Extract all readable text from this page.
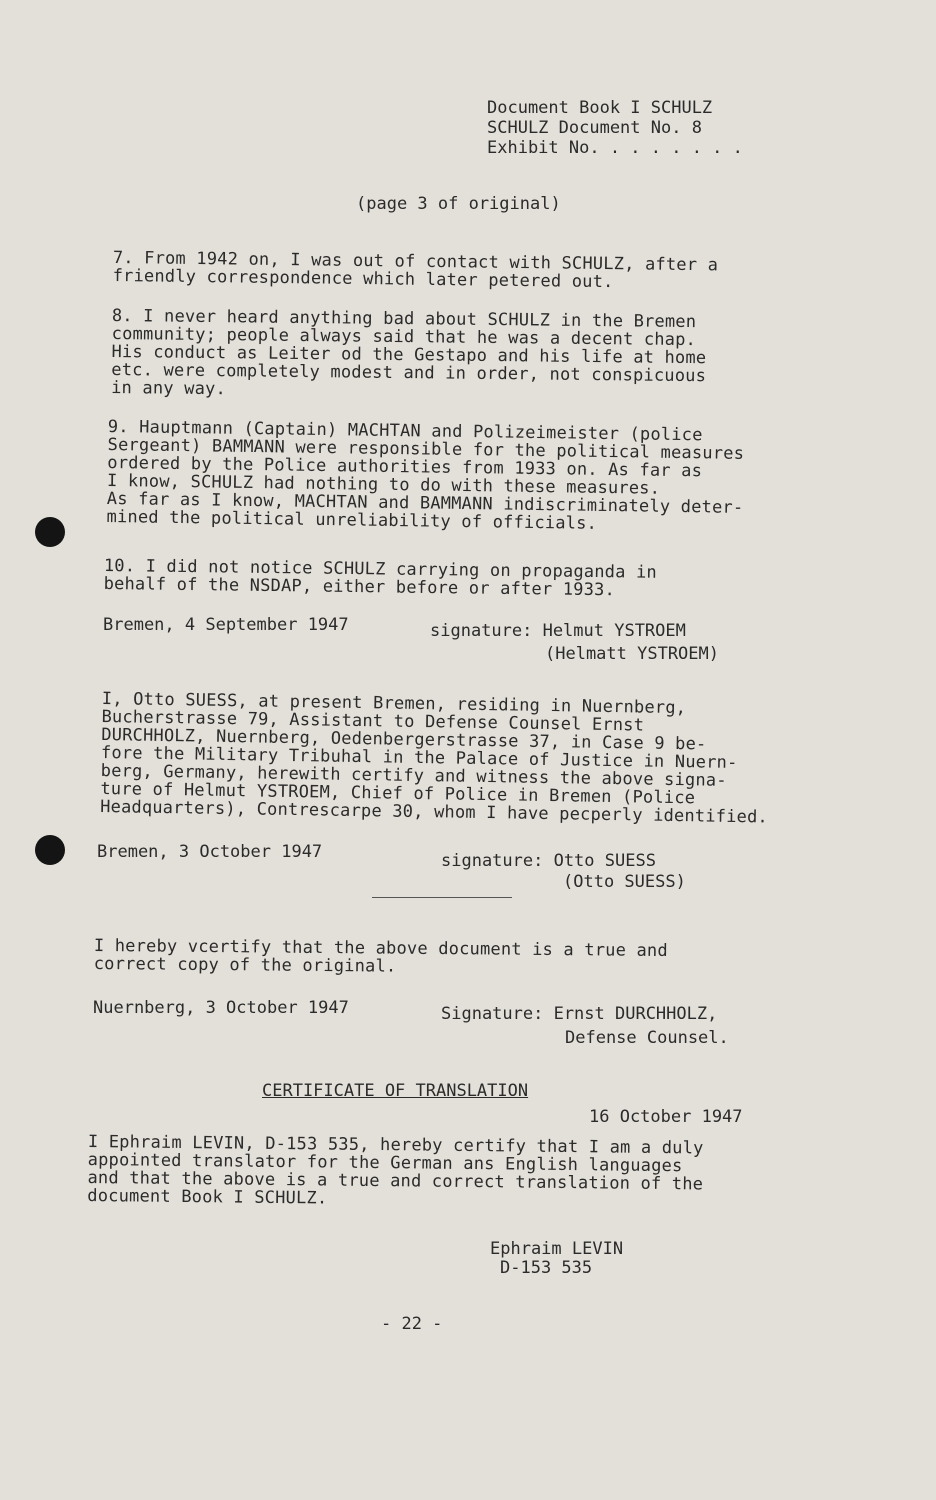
Document Book I SCHULZ
SCHULZ Document No. 8
Exhibit No. . . . . . . .
(page 3 of original)
7. From 1942 on, I was out of contact with SCHULZ, after a
friendly correspondence which later petered out.
8. I never heard anything bad about SCHULZ in the Bremen
community; people always said that he was a decent chap.
His conduct as Leiter od the Gestapo and his life at home
etc. were completely modest and in order, not conspicuous
in any way.
9. Hauptmann (Captain) MACHTAN and Polizeimeister (police
Sergeant) BAMMANN were responsible for the political measures
ordered by the Police authorities from 1933 on. As far as
I know, SCHULZ had nothing to do with these measures.
As far as I know, MACHTAN and BAMMANN indiscriminately deter-
mined the political unreliability of officials.
10. I did not notice SCHULZ carrying on propaganda in
behalf of the NSDAP, either before or after 1933.
Bremen, 4 September 1947	signature: Helmut YSTROEM
(Helmatt YSTROEM)
I, Otto SUESS, at present Bremen, residing in Nuernberg,
Bucherstrasse 79, Assistant to Defense Counsel Ernst
DURCHHOLZ, Nuernberg, Oedenbergerstrasse 37, in Case 9 be-
fore the Military Tribuhal in the Palace of Justice in Nuern-
berg, Germany, herewith certify and witness the above signa-
ture of Helmut YSTROEM, Chief of Police in Bremen (Police
Headquarters), Contrescarpe 30, whom I have pecperly identified.
Bremen, 3 October 1947	signature: Otto SUESS
(Otto SUESS)
I hereby vcertify that the above document is a true and
correct copy of the original.
Nuernberg, 3 October 1947	Signature: Ernst DURCHHOLZ,
Defense Counsel.
CERTIFICATE OF TRANSLATION
16 October 1947
I Ephraim LEVIN, D-153 535, hereby certify that I am a duly
appointed translator for the German ans English languages
and that the above is a true and correct translation of the
document Book I SCHULZ.
Ephraim LEVIN
D-153 535
- 22 -
